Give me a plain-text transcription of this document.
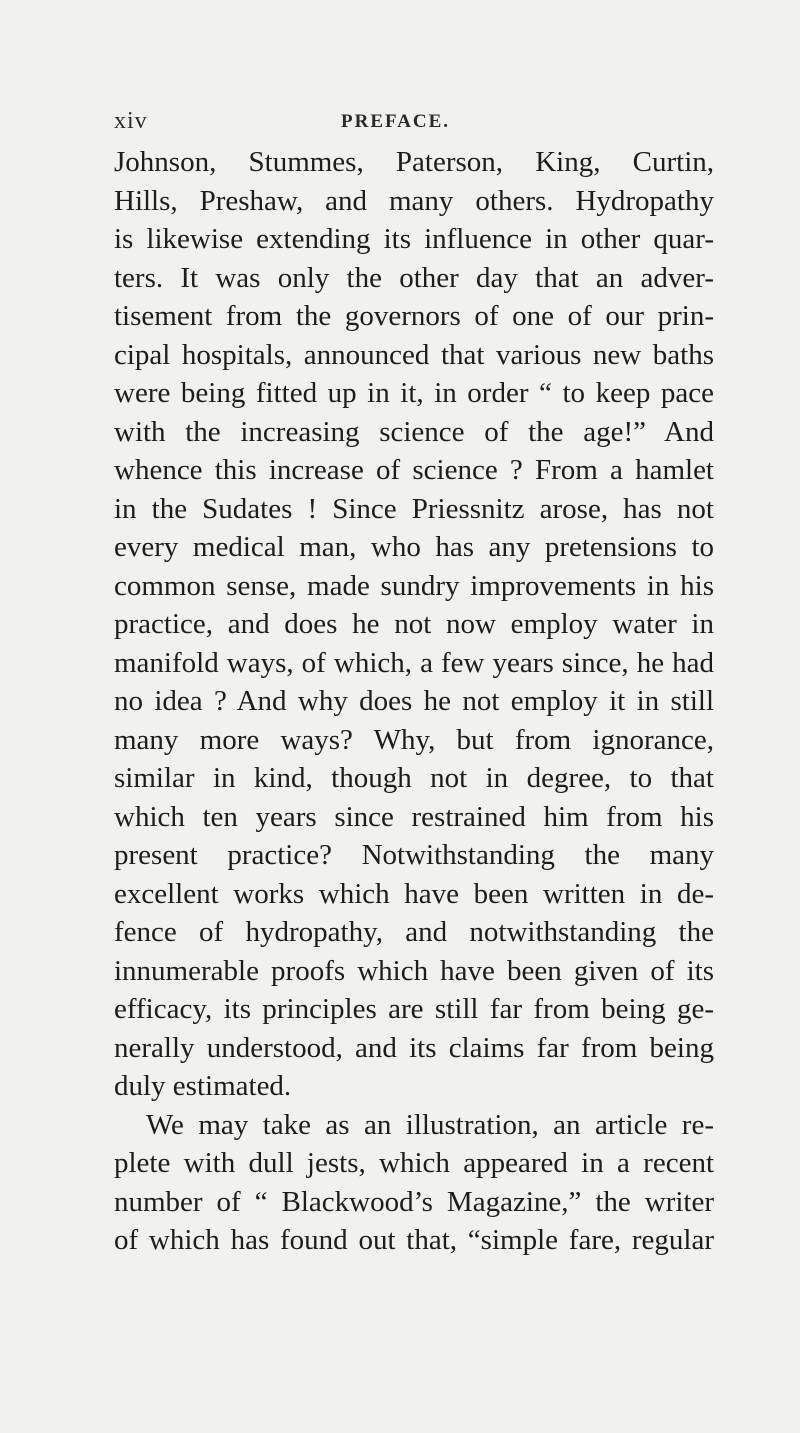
xiv	PREFACE.
Johnson, Stummes, Paterson, King, Curtin,
Hills, Preshaw, and many others. Hydropathy
is likewise extending its influence in other quar-
ters. It was only the other day that an adver-
tisement from the governors of one of our prin-
cipal hospitals, announced that various new baths
were being fitted up in it, in order “ to keep pace
with the increasing science of the age!” And
whence this increase of science ? From a hamlet
in the Sudates ! Since Priessnitz arose, has not
every medical man, who has any pretensions to
common sense, made sundry improvements in his
practice, and does he not now employ water in
manifold ways, of which, a few years since, he had
no idea ? And why does he not employ it in still
many more ways? Why, but from ignorance,
similar in kind, though not in degree, to that
which ten years since restrained him from his
present practice? Notwithstanding the many
excellent works which have been written in de-
fence of hydropathy, and notwithstanding the
innumerable proofs which have been given of its
efficacy, its principles are still far from being ge-
nerally understood, and its claims far from being
duly estimated.
We may take as an illustration, an article re-
plete with dull jests, which appeared in a recent
number of “ Blackwood’s Magazine,” the writer
of which has found out that, “simple fare, regular
